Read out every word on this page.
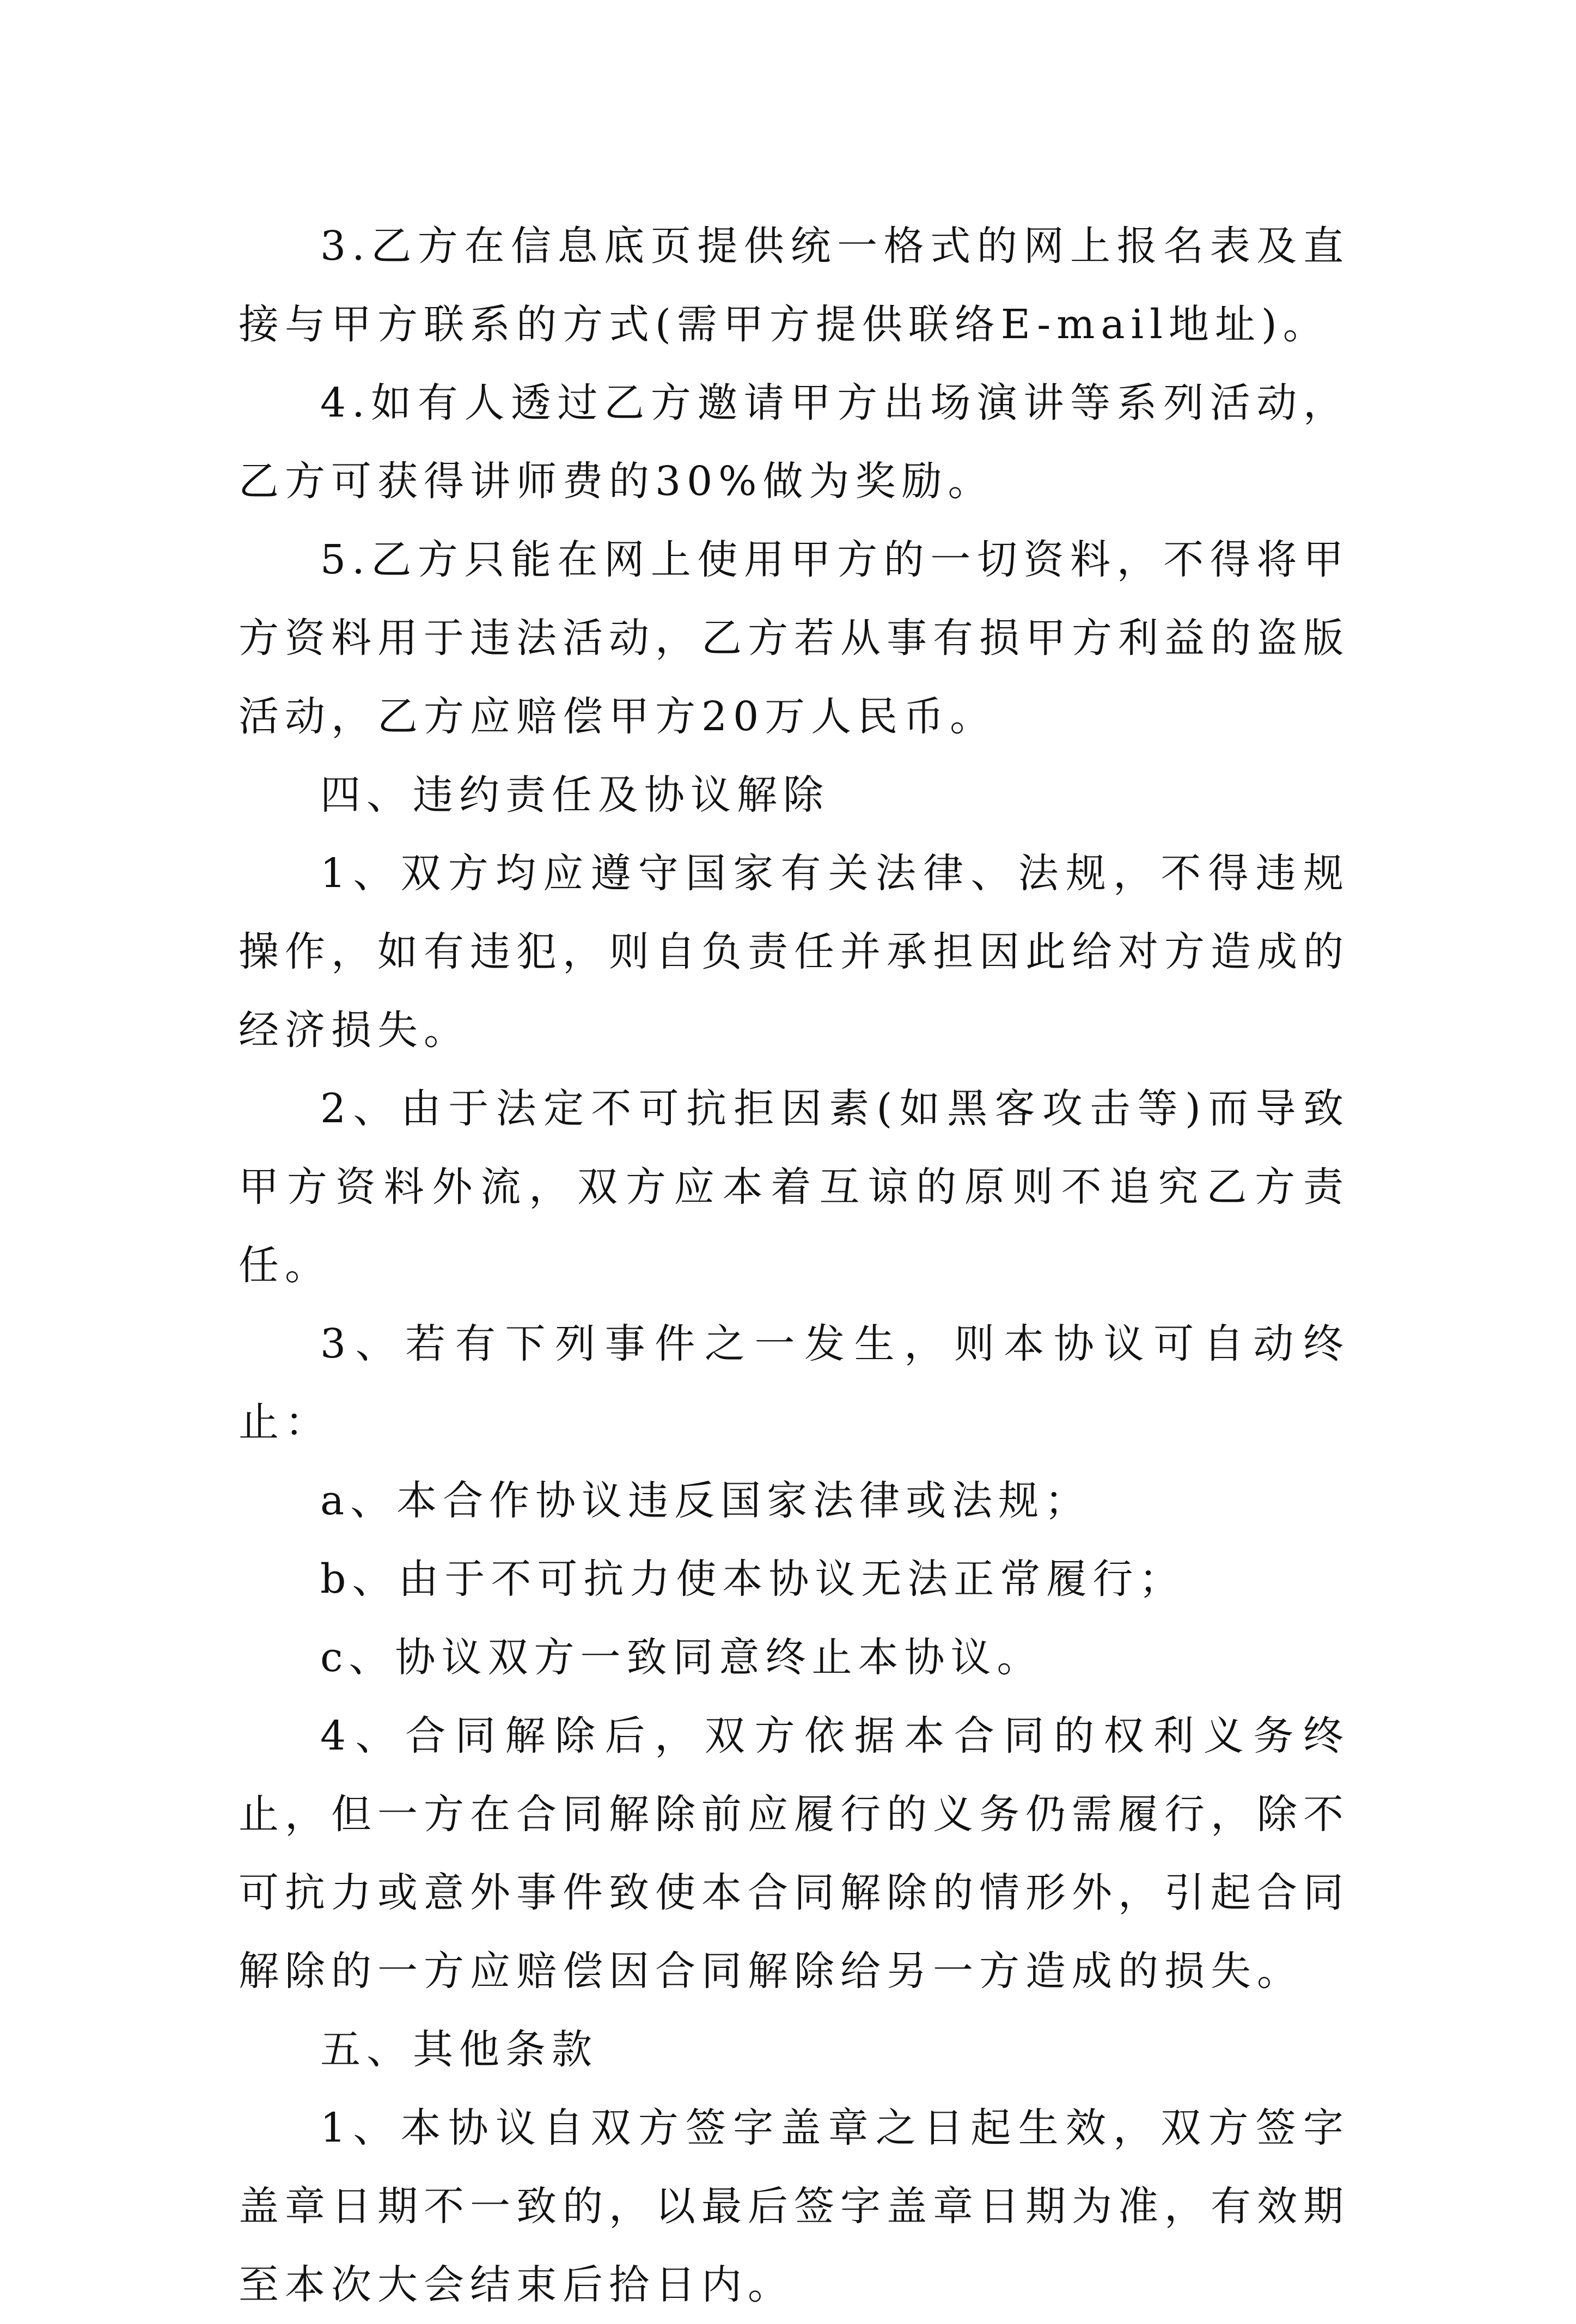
3.乙方在信息底页提供统一格式的网上报名表及直接与甲方联系的方式(需甲方提供联络E-mail地址)。

4.如有人透过乙方邀请甲方出场演讲等系列活动，乙方可获得讲师费的30%做为奖励。

5.乙方只能在网上使用甲方的一切资料，不得将甲方资料用于违法活动，乙方若从事有损甲方利益的盗版活动，乙方应赔偿甲方20万人民币。

四、违约责任及协议解除

1、双方均应遵守国家有关法律、法规，不得违规操作，如有违犯，则自负责任并承担因此给对方造成的经济损失。

2、由于法定不可抗拒因素(如黑客攻击等)而导致甲方资料外流，双方应本着互谅的原则不追究乙方责任。

3、若有下列事件之一发生，则本协议可自动终止：

a、本合作协议违反国家法律或法规；

b、由于不可抗力使本协议无法正常履行；

c、协议双方一致同意终止本协议。

4、合同解除后，双方依据本合同的权利义务终止，但一方在合同解除前应履行的义务仍需履行，除不可抗力或意外事件致使本合同解除的情形外，引起合同解除的一方应赔偿因合同解除给另一方造成的损失。

五、其他条款

1、本协议自双方签字盖章之日起生效，双方签字盖章日期不一致的，以最后签字盖章日期为准，有效期至本次大会结束后拾日内。
